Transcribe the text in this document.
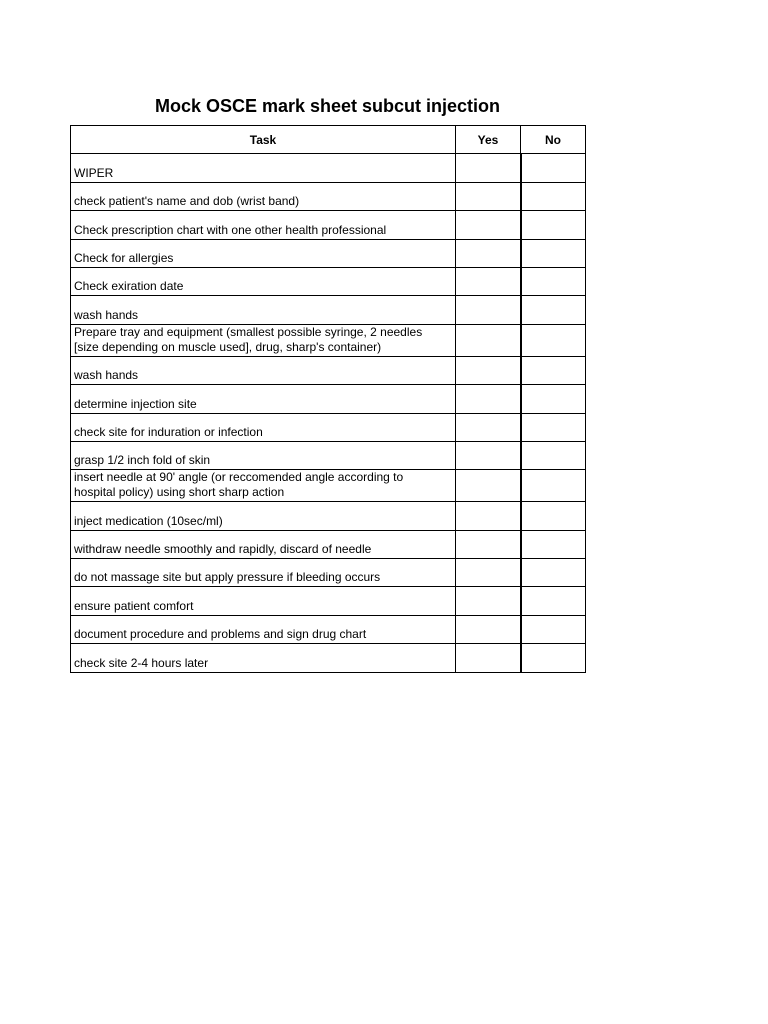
Mock OSCE mark sheet subcut injection
Task	Yes	No
WIPER		
check patient's name and dob (wrist band)		
Check prescription chart with one other health professional		
Check for allergies		
Check exiration date		
wash hands		
Prepare tray and equipment (smallest possible syringe, 2 needles
[size depending on muscle used], drug, sharp's container)		
wash hands		
determine injection site		
check site for induration or infection		
grasp 1/2 inch fold of skin		
insert needle at 90' angle (or reccomended angle according to
hospital policy) using short sharp action		
inject medication (10sec/ml)		
withdraw needle smoothly and rapidly, discard of needle		
do not massage site but apply pressure if bleeding occurs		
ensure patient comfort		
document procedure and problems and sign drug chart		
check site 2-4 hours later		
